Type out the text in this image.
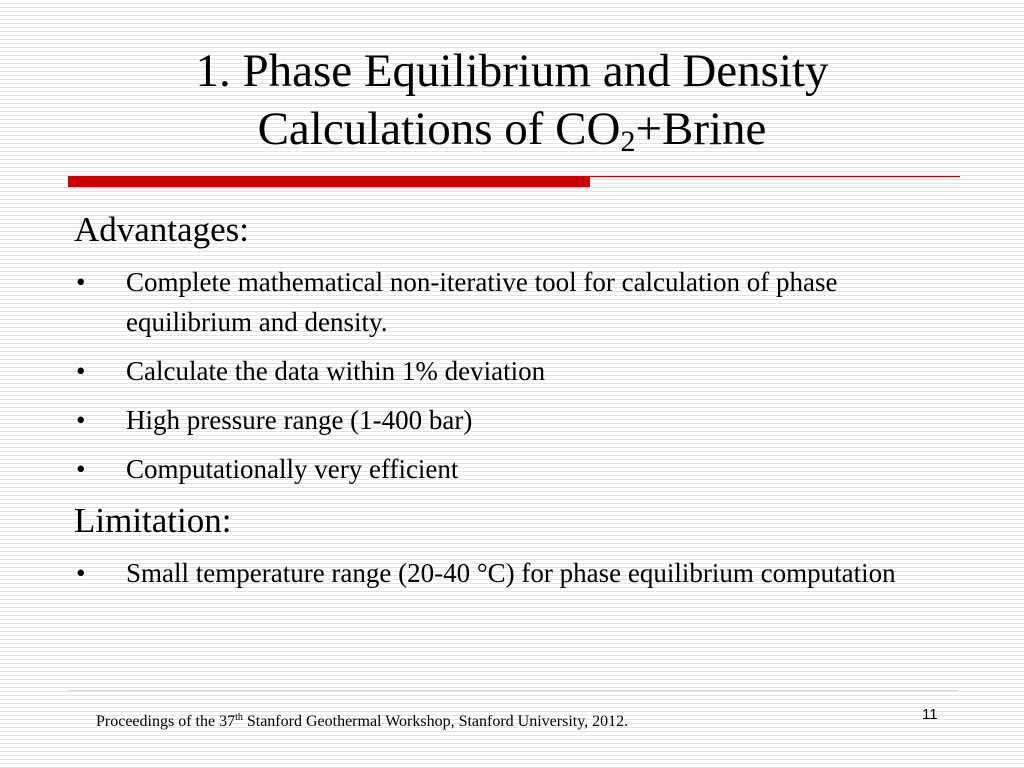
1. Phase Equilibrium and Density
Calculations of $CO_2+Brine$
Advantages:
• Complete mathematical non-iterative tool for calculation of phase equilibrium and density.
• Calculate the data within 1% deviation
• High pressure range (1-400 bar)
• Computationally very efficient
Limitation:
• Small temperature range (20-40 °C) for phase equilibrium computation
Proceedings of the 37th Stanford Geothermal Workshop, Stanford University, 2012.	11
